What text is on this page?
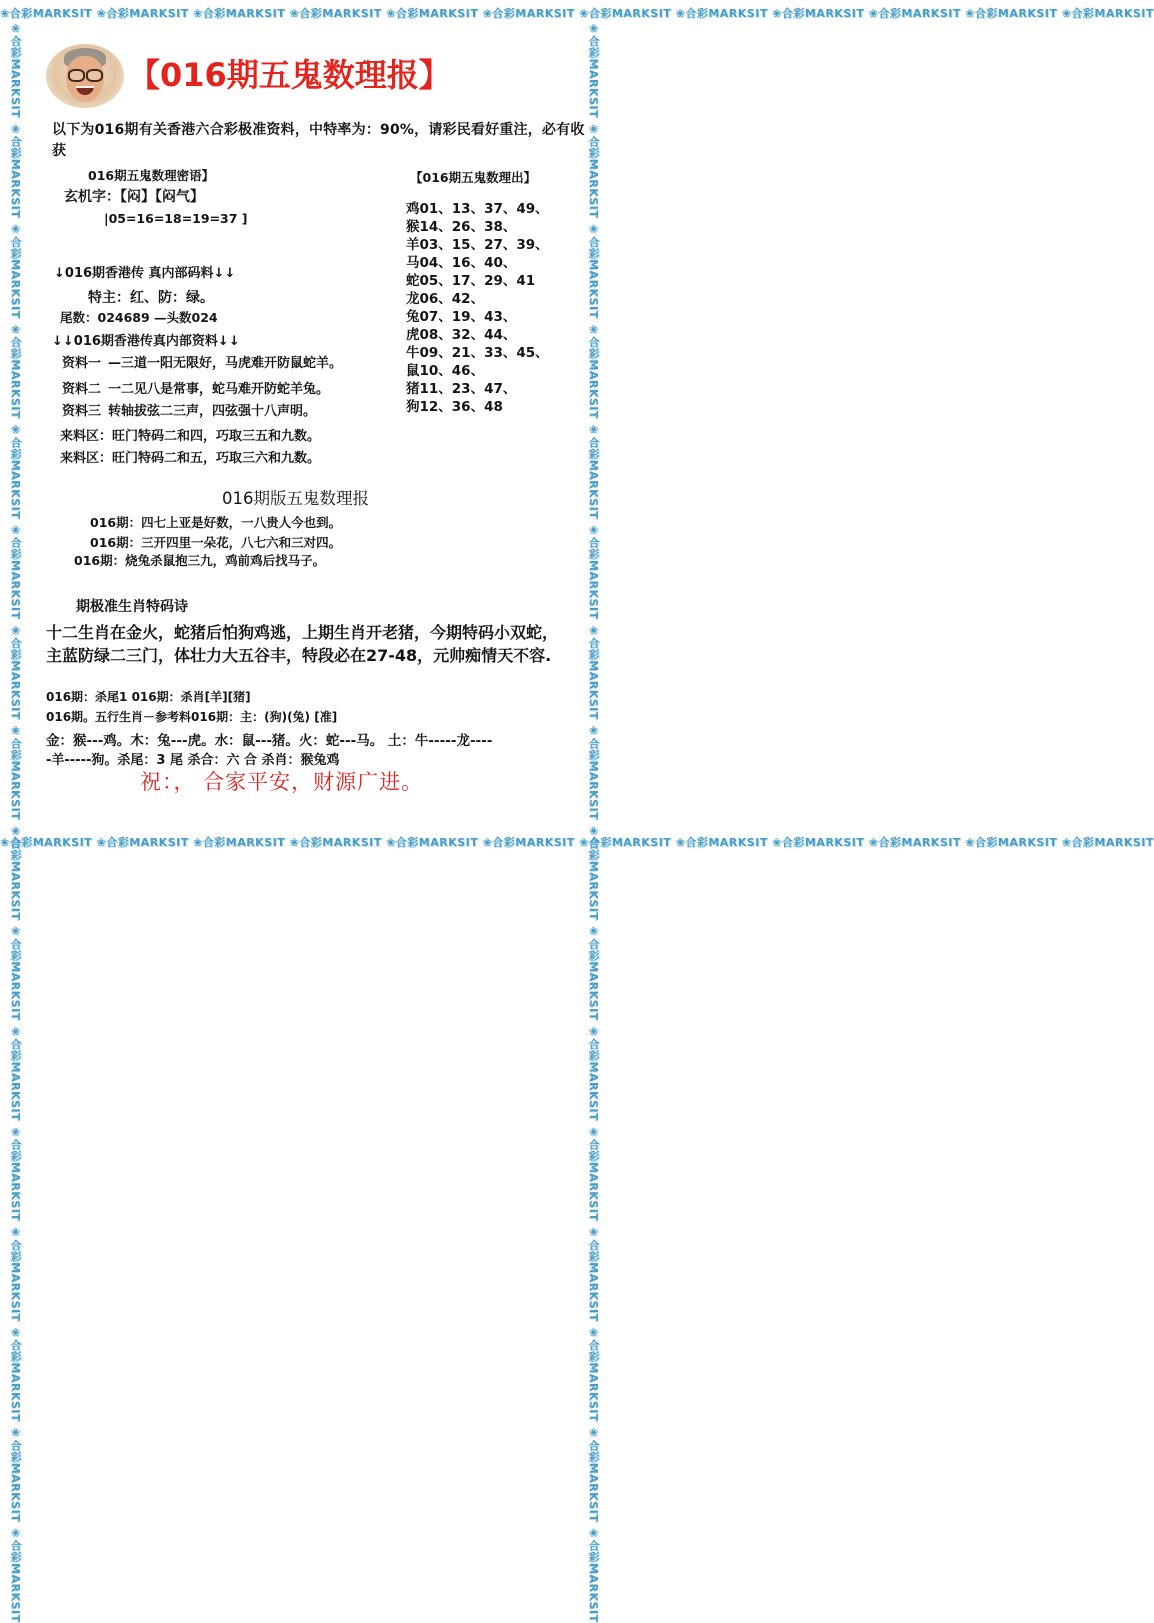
❀合彩MARKSIT ❀合彩MARKSIT ❀合彩MARKSIT ❀合彩MARKSIT ❀合彩MARKSIT ❀合彩MARKSIT ❀合彩MARKSIT ❀合彩MARKSIT ❀合彩MARKSIT ❀合彩MARKSIT ❀合彩MARKSIT ❀合彩MARKSIT
❀合彩MARKSIT ❀合彩MARKSIT ❀合彩MARKSIT ❀合彩MARKSIT ❀合彩MARKSIT ❀合彩MARKSIT ❀合彩MARKSIT ❀合彩MARKSIT ❀合彩MARKSIT ❀合彩MARKSIT ❀合彩MARKSIT ❀合彩MARKSIT
❀合彩MARKSIT ❀合彩MARKSIT ❀合彩MARKSIT ❀合彩MARKSIT ❀合彩MARKSIT ❀合彩MARKSIT ❀合彩MARKSIT ❀合彩MARKSIT ❀合彩MARKSIT ❀合彩MARKSIT ❀合彩MARKSIT ❀合彩MARKSIT ❀合彩MARKSIT ❀合彩MARKSIT ❀合彩MARKSIT ❀合彩MARKSIT	❀合彩MARKSIT ❀合彩MARKSIT ❀合彩MARKSIT ❀合彩MARKSIT ❀合彩MARKSIT ❀合彩MARKSIT ❀合彩MARKSIT ❀合彩MARKSIT ❀合彩MARKSIT ❀合彩MARKSIT ❀合彩MARKSIT ❀合彩MARKSIT ❀合彩MARKSIT ❀合彩MARKSIT ❀合彩MARKSIT ❀合彩MARKSIT
【016期五鬼数理报】
以下为016期有关香港六合彩极准资料，中特率为：90%，请彩民看好重注，必有收
获
016期五鬼数理密语】
玄机字：【闷】【闷气】
|05=16=18=19=37 ]
↓016期香港传 真内部码料↓↓
特主：红、防：绿。
尾数：024689 —头数024
↓↓016期香港传真内部资料↓↓
资料一 —三道一阳无限好，马虎难开防鼠蛇羊。
资料二 一二见八是常事，蛇马难开防蛇羊兔。
资料三 转轴拔弦二三声，四弦强十八声明。
来料区：旺门特码二和四，巧取三五和九数。
来料区：旺门特码二和五，巧取三六和九数。
【016期五鬼数理出】
鸡01、13、37、49、
猴14、26、38、
羊03、15、27、39、
马04、16、40、
蛇05、17、29、41
龙06、42、
兔07、19、43、
虎08、32、44、
牛09、21、33、45、
鼠10、46、
猪11、23、47、
狗12、36、48
016期版五鬼数理报
016期：四七上亚是好数，一八贵人今也到。
016期：三开四里一朵花，八七六和三对四。
016期：烧兔杀鼠抱三九，鸡前鸡后找马子。
期极准生肖特码诗
十二生肖在金火，蛇猪后怕狗鸡逃，上期生肖开老猪，今期特码小双蛇，
主蓝防绿二三门，体壮力大五谷丰，特段必在27-48，元帅痴情天不容.
016期：杀尾1 016期：杀肖[羊][猪]
016期。五行生肖－参考料016期：主：(狗)(兔) [准]
金：猴---鸡。木：兔---虎。水：鼠---猪。火：蛇---马。 土：牛-----龙----
-羊-----狗。杀尾：3 尾 杀合：六 合 杀肖：猴兔鸡
祝：， 合家平安，财源广进。
